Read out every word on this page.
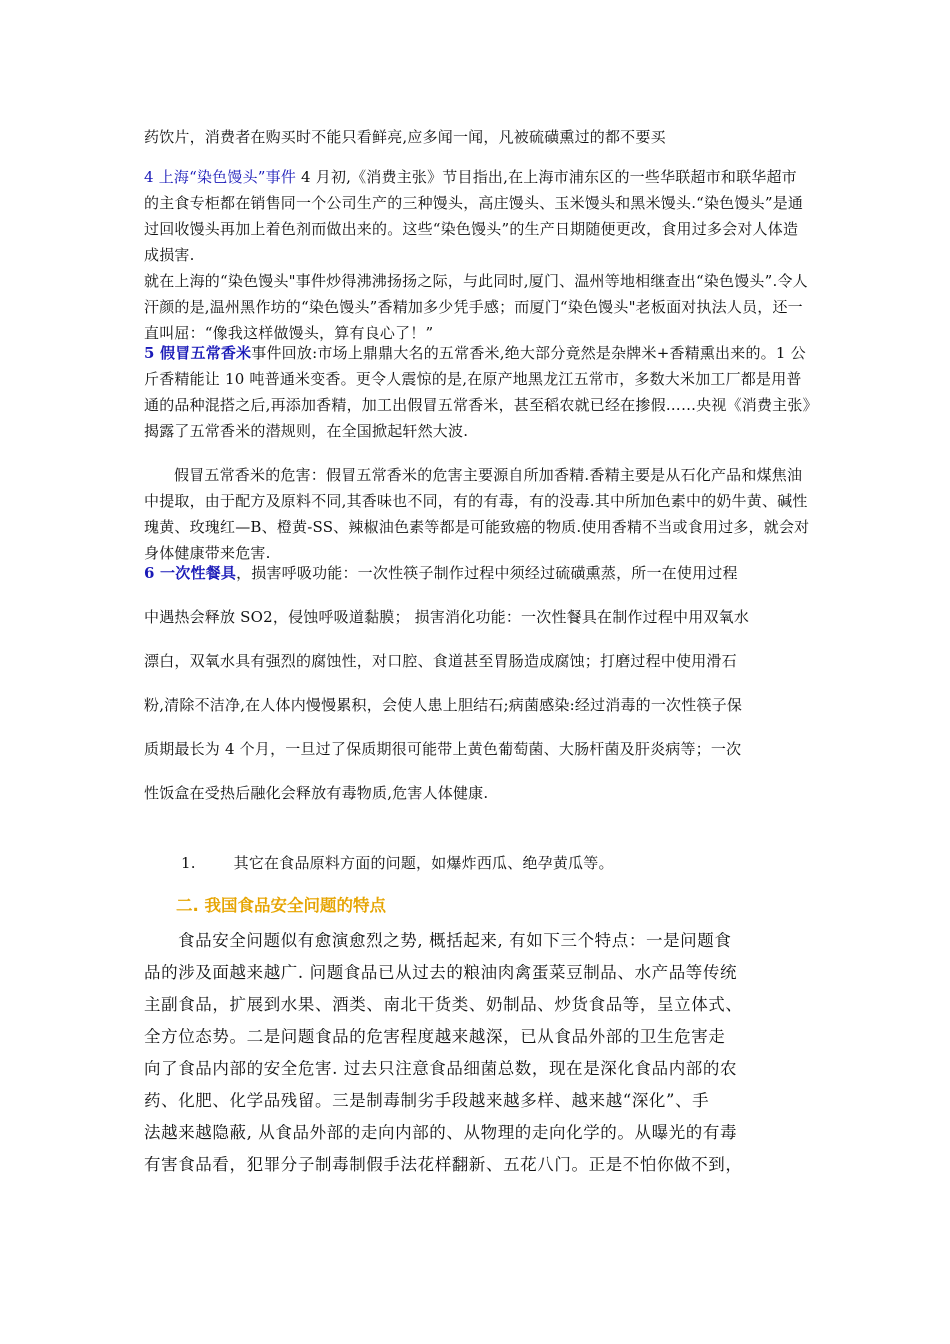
药饮片，消费者在购买时不能只看鲜亮,应多闻一闻，凡被硫磺熏过的都不要买
4 上海“染色馒头”事件 4 月初,《消费主张》节目指出,在上海市浦东区的一些华联超市和联华超市的主食专柜都在销售同一个公司生产的三种馒头，高庄馒头、玉米馒头和黑米馒头.“染色馒头”是通过回收馒头再加上着色剂而做出来的。这些“染色馒头”的生产日期随便更改，食用过多会对人体造成损害.
就在上海的“染色馒头"事件炒得沸沸扬扬之际，与此同时,厦门、温州等地相继查出“染色馒头”.令人汗颜的是,温州黑作坊的“染色馒头”香精加多少凭手感；而厦门“染色馒头"老板面对执法人员，还一直叫屈：“像我这样做馒头，算有良心了！”
5 假冒五常香米事件回放:市场上鼎鼎大名的五常香米,绝大部分竟然是杂牌米+香精熏出来的。1 公斤香精能让 10 吨普通米变香。更令人震惊的是,在原产地黑龙江五常市，多数大米加工厂都是用普通的品种混搭之后,再添加香精，加工出假冒五常香米，甚至稻农就已经在掺假……央视《消费主张》揭露了五常香米的潜规则，在全国掀起轩然大波.
假冒五常香米的危害：假冒五常香米的危害主要源自所加香精.香精主要是从石化产品和煤焦油中提取，由于配方及原料不同,其香味也不同，有的有毒，有的没毒.其中所加色素中的奶牛黄、碱性瑰黄、玫瑰红—B、橙黄-SS、辣椒油色素等都是可能致癌的物质.使用香精不当或食用过多，就会对身体健康带来危害.
6 一次性餐具，损害呼吸功能：一次性筷子制作过程中须经过硫磺熏蒸，所一在使用过程
中遇热会释放 SO2，侵蚀呼吸道黏膜； 损害消化功能：一次性餐具在制作过程中用双氧水
漂白，双氧水具有强烈的腐蚀性，对口腔、食道甚至胃肠造成腐蚀；打磨过程中使用滑石
粉,清除不洁净,在人体内慢慢累积，会使人患上胆结石;病菌感染:经过消毒的一次性筷子保
质期最长为 4 个月，一旦过了保质期很可能带上黄色葡萄菌、大肠杆菌及肝炎病等；一次
性饭盒在受热后融化会释放有毒物质,危害人体健康.
1.	其它在食品原料方面的问题，如爆炸西瓜、绝孕黄瓜等。
二. 我国食品安全问题的特点
食品安全问题似有愈演愈烈之势, 概括起来, 有如下三个特点：一是问题食
品的涉及面越来越广. 问题食品已从过去的粮油肉禽蛋菜豆制品、水产品等传统
主副食品，扩展到水果、酒类、南北干货类、奶制品、炒货食品等，呈立体式、
全方位态势。二是问题食品的危害程度越来越深，已从食品外部的卫生危害走
向了食品内部的安全危害. 过去只注意食品细菌总数，现在是深化食品内部的农
药、化肥、化学品残留。三是制毒制劣手段越来越多样、越来越“深化”、手
法越来越隐蔽, 从食品外部的走向内部的、从物理的走向化学的。从曝光的有毒
有害食品看，犯罪分子制毒制假手法花样翻新、五花八门。正是不怕你做不到，
